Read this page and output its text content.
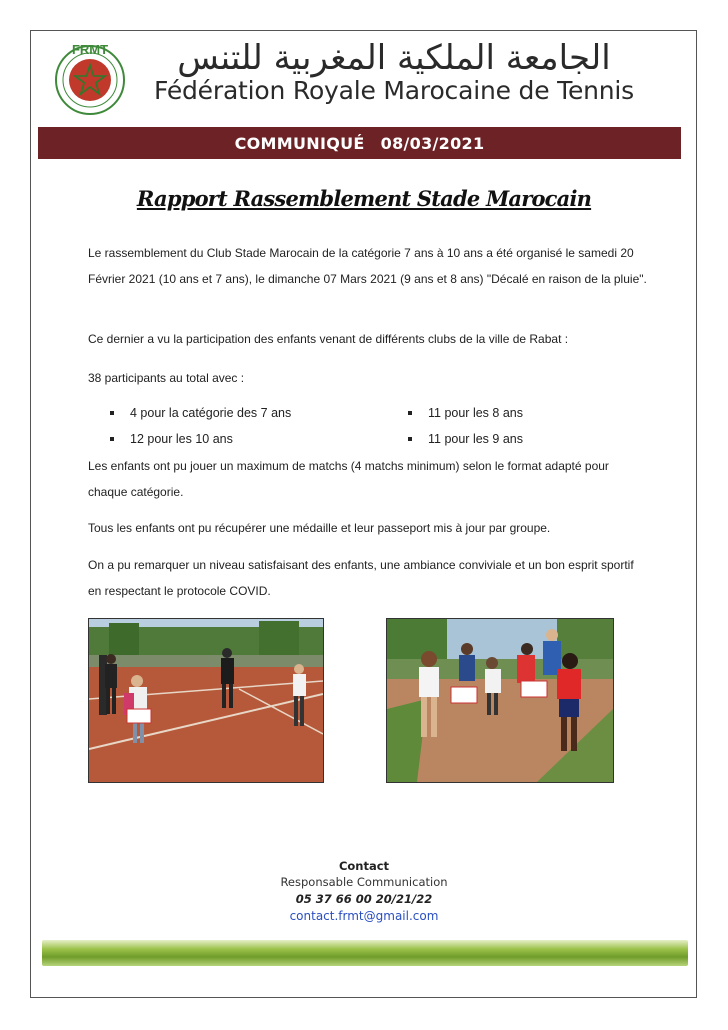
FRMT	الجامعة الملكية المغربية للتنس
Fédération Royale Marocaine de Tennis
COMMUNIQUÉ 08/03/2021
Rapport Rassemblement Stade Marocain
Le rassemblement du Club Stade Marocain de la catégorie 7 ans à 10 ans a été organisé le samedi 20 Février 2021 (10 ans et 7 ans), le dimanche 07 Mars 2021 (9 ans et 8 ans) "Décalé en raison de la pluie".
Ce dernier a vu la participation des enfants venant de différents clubs de la ville de Rabat :
38 participants au total avec :
4 pour la catégorie des 7 ans	11 pour les 8 ans
12 pour les 10 ans	11 pour les 9 ans
Les enfants ont pu jouer un maximum de matchs (4 matchs minimum) selon le format adapté pour chaque catégorie.
Tous les enfants ont pu récupérer une médaille et leur passeport mis à jour par groupe.
On a pu remarquer un niveau satisfaisant des enfants, une ambiance conviviale et un bon esprit sportif en respectant le protocole COVID.
Contact
Responsable Communication
05 37 66 00 20/21/22
contact.frmt@gmail.com
